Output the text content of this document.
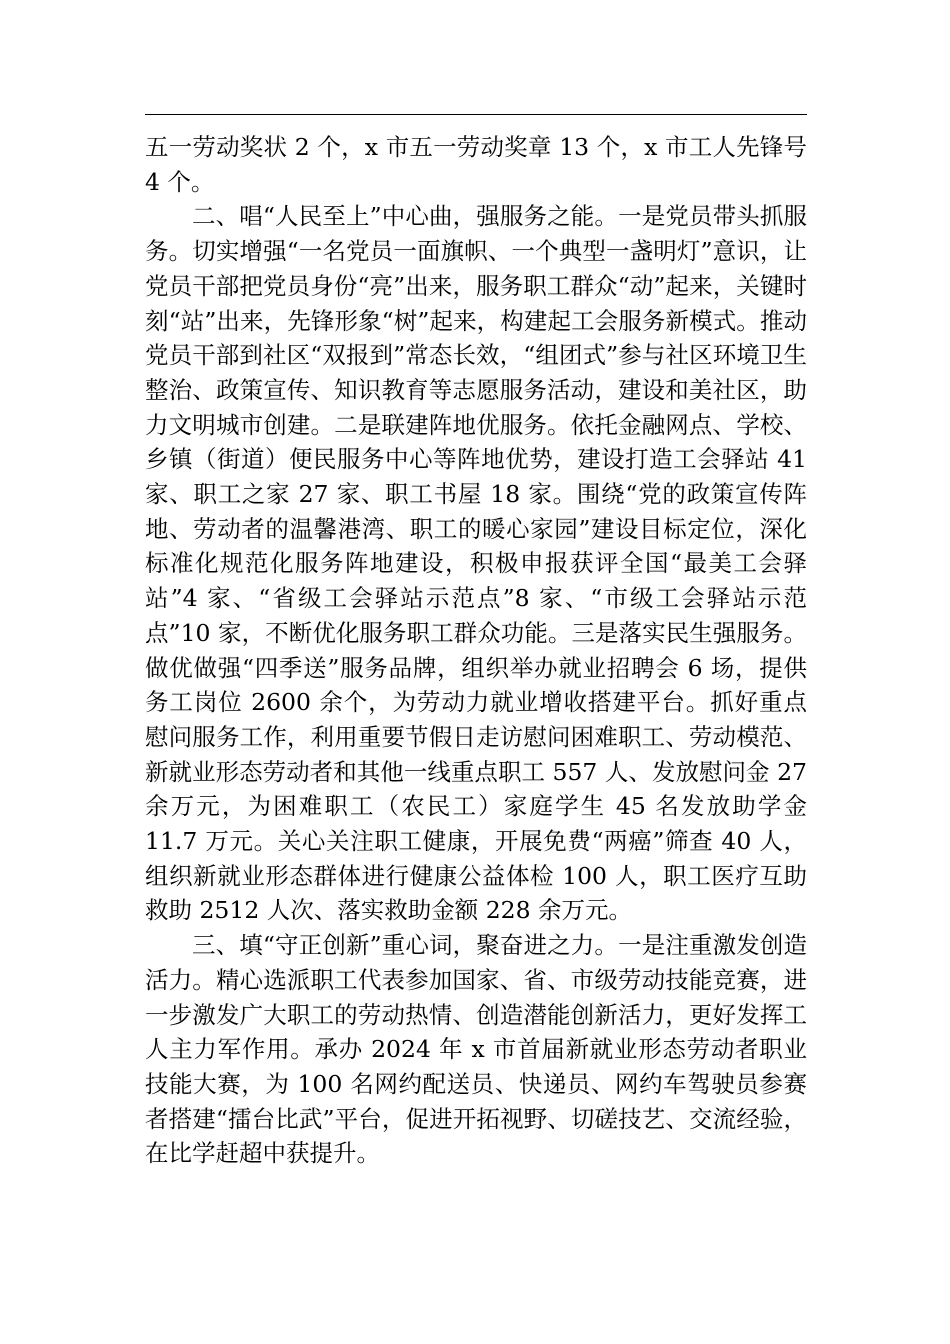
五一劳动奖状 2 个，x 市五一劳动奖章 13 个，x 市工人先锋号 4 个。

二、唱“人民至上”中心曲，强服务之能。一是党员带头抓服务。切实增强“一名党员一面旗帜、一个典型一盏明灯”意识，让党员干部把党员身份“亮”出来，服务职工群众“动”起来，关键时刻“站”出来，先锋形象“树”起来，构建起工会服务新模式。推动党员干部到社区“双报到”常态长效，“组团式”参与社区环境卫生整治、政策宣传、知识教育等志愿服务活动，建设和美社区，助力文明城市创建。二是联建阵地优服务。依托金融网点、学校、乡镇（街道）便民服务中心等阵地优势，建设打造工会驿站 41 家、职工之家 27 家、职工书屋 18 家。围绕“党的政策宣传阵地、劳动者的温馨港湾、职工的暖心家园”建设目标定位，深化标准化规范化服务阵地建设，积极申报获评全国“最美工会驿站”4 家、“省级工会驿站示范点”8 家、“市级工会驿站示范点”10 家，不断优化服务职工群众功能。三是落实民生强服务。做优做强“四季送”服务品牌，组织举办就业招聘会 6 场，提供务工岗位 2600 余个，为劳动力就业增收搭建平台。抓好重点慰问服务工作，利用重要节假日走访慰问困难职工、劳动模范、新就业形态劳动者和其他一线重点职工 557 人、发放慰问金 27 余万元，为困难职工（农民工）家庭学生 45 名发放助学金 11.7 万元。关心关注职工健康，开展免费“两癌”筛查 40 人，组织新就业形态群体进行健康公益体检 100 人，职工医疗互助救助 2512 人次、落实救助金额 228 余万元。

三、填“守正创新”重心词，聚奋进之力。一是注重激发创造活力。精心选派职工代表参加国家、省、市级劳动技能竞赛，进一步激发广大职工的劳动热情、创造潜能创新活力，更好发挥工人主力军作用。承办 2024 年 x 市首届新就业形态劳动者职业技能大赛，为 100 名网约配送员、快递员、网约车驾驶员参赛者搭建“擂台比武”平台，促进开拓视野、切磋技艺、交流经验，在比学赶超中获提升。
